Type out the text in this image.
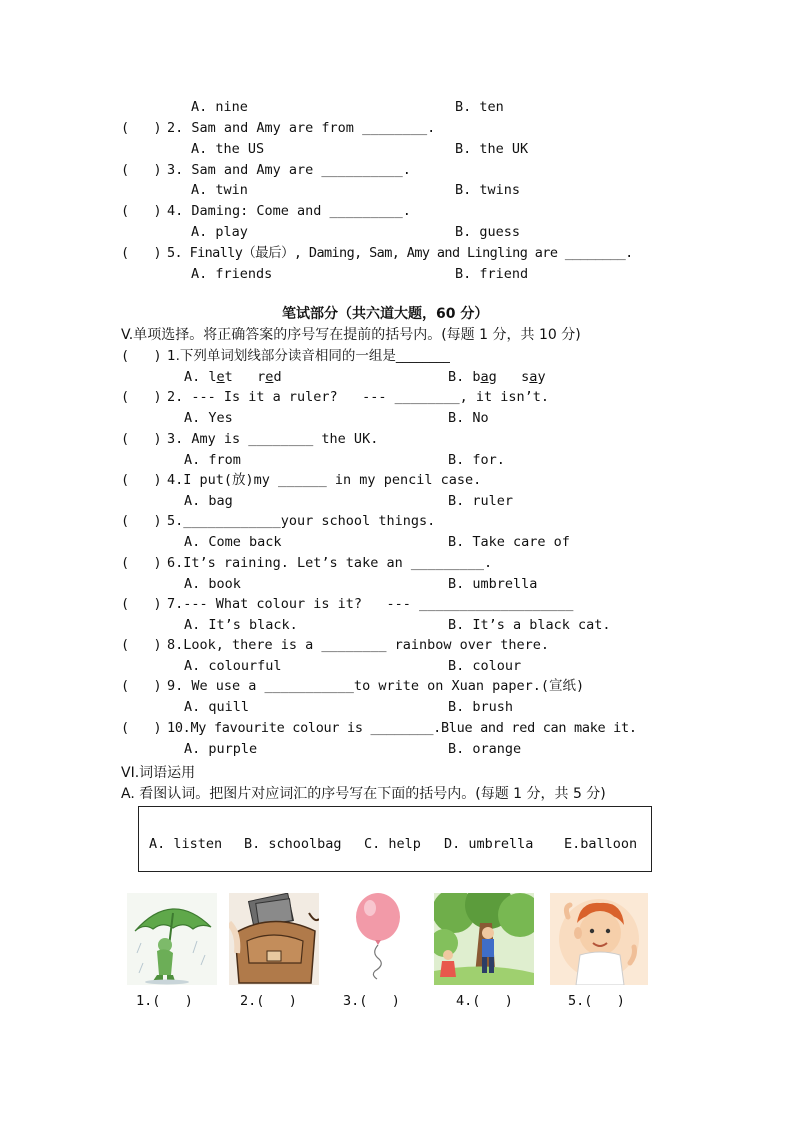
A. nine	B. ten
(   ) 2. Sam and Amy are from ________.
A. the US	B. the UK
(   ) 3. Sam and Amy are __________.
A. twin	B. twins
(   ) 4. Daming: Come and _________.
A. play	B. guess
(   ) 5. Finally（最后）, Daming, Sam, Amy and Lingling are ________.
A. friends	B. friend
笔试部分（共六道大题，60 分）
V.单项选择。将正确答案的序号写在提前的括号内。(每题 1 分，共 10 分)
(   ) 1.下列单词划线部分读音相同的一组是________
A. let   red	B. bag   say
(   ) 2. --- Is it a ruler?   --- ________, it isn’t.
A. Yes	B. No
(   ) 3. Amy is ________ the UK.
A. from	B. for.
(   ) 4.I put(放)my ______ in my pencil case.
A. bag	B. ruler
(   ) 5.____________your school things.
A. Come back	B. Take care of
(   ) 6.It’s raining. Let’s take an _________.
A. book	B. umbrella
(   ) 7.--- What colour is it?   --- ___________________
A. It’s black.	B. It’s a black cat.
(   ) 8.Look, there is a ________ rainbow over there.
A. colourful	B. colour
(   ) 9. We use a ___________to write on Xuan paper.(宣纸)
A. quill	B. brush
(   ) 10.My favourite colour is ________.Blue and red can make it.
A. purple	B. orange
VI.词语运用
A. 看图认词。把图片对应词汇的序号写在下面的括号内。(每题 1 分，共 5 分)
A. listen B. schoolbag C. help D. umbrella E.balloon
1.(   )	2.(   )	3.(   )	4.(   )	5.(   )
